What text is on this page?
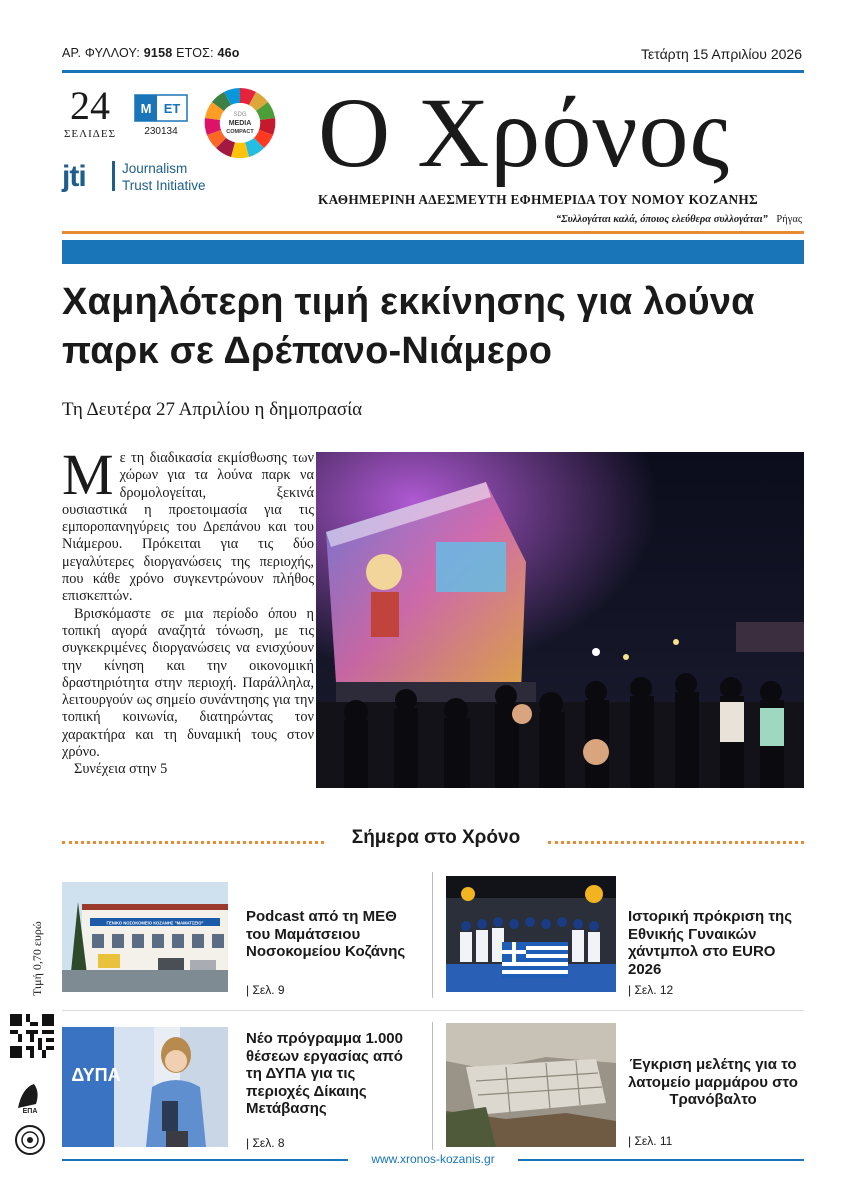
ΑΡ. ΦΥΛΛΟΥ: 9158 ΕΤΟΣ: 46ο	Τετάρτη 15 Απριλίου 2026
24
ΣΕΛΙΔΕΣ
Μ ΕΤ
230134
SDG
MEDIA
COMPACT
jti	Journalism
Trust Initiative Ο Χρόνος
ΚΑΘΗΜΕΡΙΝΗ ΑΔΕΣΜΕΥΤΗ ΕΦΗΜΕΡΙΔΑ ΤΟΥ ΝΟΜΟΥ ΚΟΖΑΝΗΣ
“Συλλογάται καλά, όποιος ελεύθερα συλλογάται” Ρήγας
Χαμηλότερη τιμή εκκίνησης για λούνα παρκ σε Δρέπανο-Νιάμερο
Τη Δευτέρα 27 Απριλίου η δημοπρασία

Με τη διαδικασία εκμίσθωσης των χώρων για τα λούνα παρκ να δρομολογείται, ξεκινά ουσιαστικά η προετοιμασία για τις εμποροπανηγύρεις του Δρεπάνου και του Νιάμερου. Πρόκειται για τις δύο μεγαλύτερες διοργανώσεις της περιοχής, που κάθε χρόνο συγκεντρώνουν πλήθος επισκεπτών.

Βρισκόμαστε σε μια περίοδο όπου η τοπική αγορά αναζητά τόνωση, με τις συγκεκριμένες διοργανώσεις να ενισχύουν την κίνηση και την οικονομική δραστηριότητα στην περιοχή. Παράλληλα, λειτουργούν ως σημείο συνάντησης για την τοπική κοινωνία, διατηρώντας τον χαρακτήρα και τη δυναμική τους στον χρόνο.

Συνέχεια στην 5

Σήμερα στο Χρόνο
ΓΕΝΙΚΟ ΝΟΣΟΚΟΜΕΙΟ ΚΟΖΑΝΗΣ "ΜΑΜΑΤΣΕΙΟ"	Podcast από τη ΜΕΘ του Μαμάτσειου Νοσοκομείου Κοζάνης
| Σελ. 9
Ιστορική πρόκριση της Εθνικής Γυναικών χάντμπολ στο EURO 2026
| Σελ. 12
ΔΥΠΑ
Νέο πρόγραμμα 1.000 θέσεων εργασίας από τη ΔΥΠΑ για τις περιοχές Δίκαιης Μετάβασης
| Σελ. 8
Έγκριση μελέτης για το λατομείο μαρμάρου στο Τρανόβαλτο
| Σελ. 11
Τιμή 0,70 ευρώ
ΕΠΑ
www.xronos-kozanis.gr
